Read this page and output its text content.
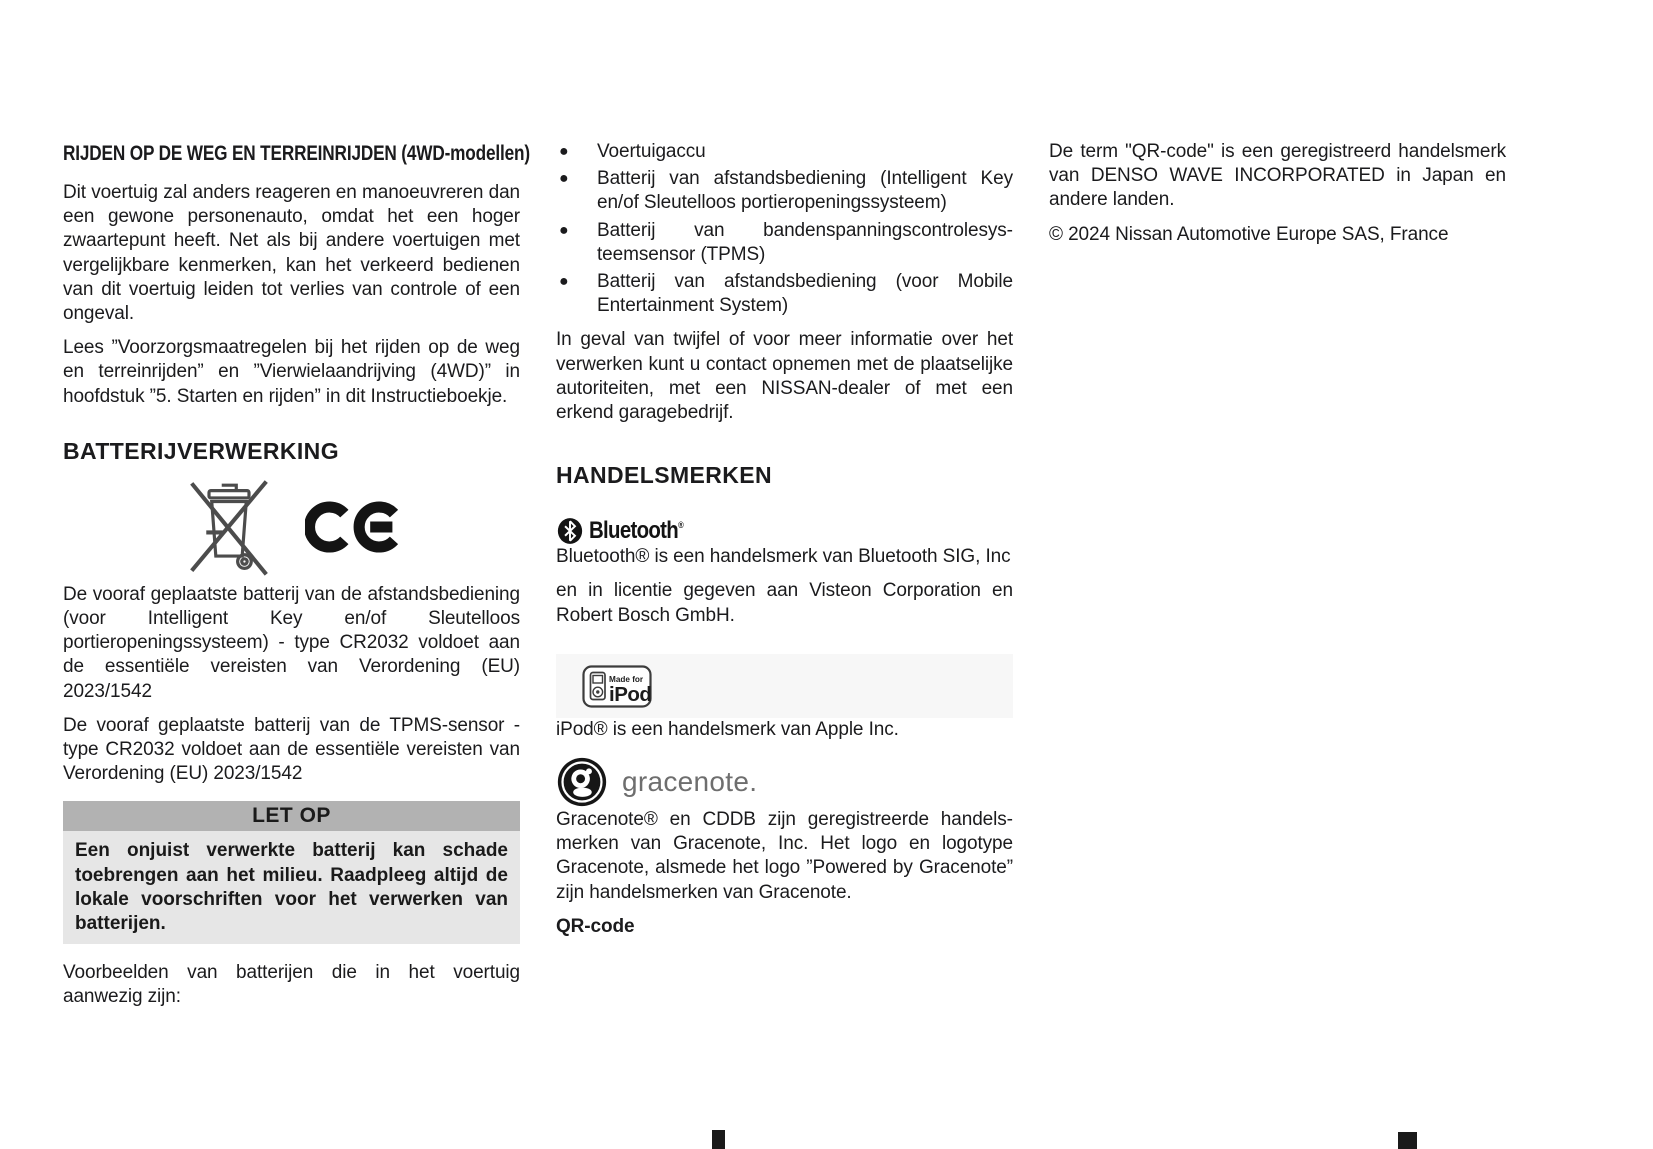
RIJDEN OP DE WEG EN TERREINRIJDEN (4WD-modellen)

Dit voertuig zal anders reageren en manoeuvreren dan een gewone personenauto, omdat het een hoger zwaartepunt heeft. Net als bij andere voertuigen met vergelijkbare kenmerken, kan het verkeerd bedienen van dit voertuig leiden tot verlies van controle of een ongeval.

Lees ”Voorzorgsmaatregelen bij het rijden op de weg en terreinrijden” en ”Vierwielaandrijving (4WD)” in hoofdstuk ”5. Starten en rijden” in dit Instructieboekje.

BATTERIJVERWERKING

De vooraf geplaatste batterij van de afstandsbediening (voor Intelligent Key en/of Sleutelloos portieropeningssysteem) - type CR2032 voldoet aan de essentiële vereisten van Verordening (EU) 2023/1542

De vooraf geplaatste batterij van de TPMS-sensor - type CR2032 voldoet aan de essentiële vereisten van Verordening (EU) 2023/1542

LET OP
Een onjuist verwerkte batterij kan schade toebrengen aan het milieu. Raadpleeg altijd de lokale voorschriften voor het verwerken van batterijen.

Voorbeelden van batterijen die in het voertuig aanwezig zijn:

●	Voertuigaccu
●	Batterij van afstandsbediening (Intelligent Key en/of Sleutelloos portieropeningssysteem)
●	Batterij van bandenspanningscontrolesysteemsensor (TPMS)
●	Batterij van afstandsbediening (voor Mobile Entertainment System)

In geval van twijfel of voor meer informatie over het verwerken kunt u contact opnemen met de plaatselijke autoriteiten, met een NISSAN-dealer of met een erkend garagebedrijf.

HANDELSMERKEN
Bluetooth ®

Bluetooth® is een handelsmerk van Bluetooth SIG, Inc

en in licentie gegeven aan Visteon Corporation en Robert Bosch GmbH.

Made for
iPod

iPod® is een handelsmerk van Apple Inc.

gracenote.

Gracenote® en CDDB zijn geregistreerde handelsmerken van Gracenote, Inc. Het logo en logotype Gracenote, alsmede het logo ”Powered by Gracenote” zijn handelsmerken van Gracenote.

QR-code

De term "QR-code" is een geregistreerd handelsmerk van DENSO WAVE INCORPORATED in Japan en andere landen.

© 2024 Nissan Automotive Europe SAS, France
